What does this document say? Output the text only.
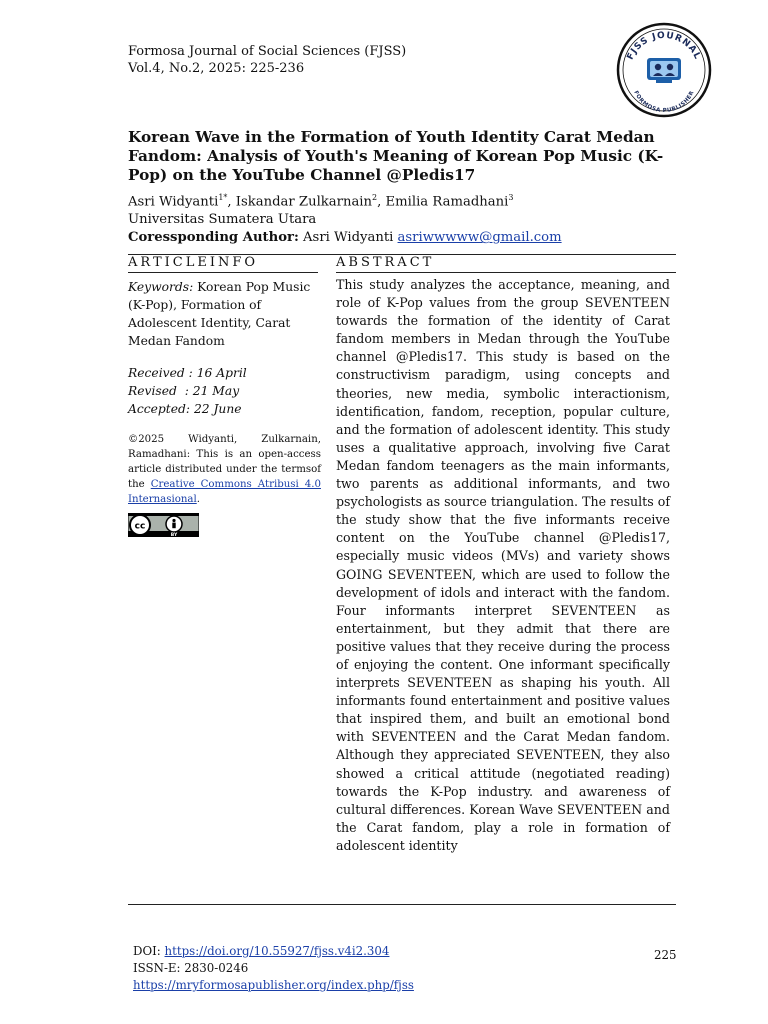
Formosa Journal of Social Sciences (FJSS)
Vol.4, No.2, 2025: 225-236
FJSS JOURNAL
FORMOSA PUBLISHER
Korean Wave in the Formation of Youth Identity Carat Medan Fandom: Analysis of Youth's Meaning of Korean Pop Music (K-Pop) on the YouTube Channel @Pledis17
Asri Widyanti$^{1*}$, Iskandar Zulkarnain$^2$, Emilia Ramadhani$^3$
Universitas Sumatera Utara
Coressponding Author: Asri Widyanti asriwwwww@gmail.com
ARTICLEINFO	ABSTRACT
Keywords: Korean Pop Music (K-Pop), Formation of Adolescent Identity, Carat Medan Fandom
Received : 16 April
Revised  : 21 May
Accepted: 22 June
©2025 Widyanti, Zulkarnain, Ramadhani: This is an open-access article distributed under the termsof the Creative Commons Atribusi 4.0 Internasional.
cc
BY

This study analyzes the acceptance, meaning, and role of K-Pop values from the group SEVENTEEN towards the formation of the identity of Carat fandom members in Medan through the YouTube channel @Pledis17. This study is based on the constructivism paradigm, using concepts and theories, new media, symbolic interactionism, identification, fandom, reception, popular culture, and the formation of adolescent identity. This study uses a qualitative approach, involving five Carat Medan fandom teenagers as the main informants, two parents as additional informants, and two psychologists as source triangulation. The results of the study show that the five informants receive content on the YouTube channel @Pledis17, especially music videos (MVs) and variety shows GOING SEVENTEEN, which are used to follow the development of idols and interact with the fandom. Four informants interpret SEVENTEEN as entertainment, but they admit that there are positive values that they receive during the process of enjoying the content. One informant specifically interprets SEVENTEEN as shaping his youth. All informants found entertainment and positive values that inspired them, and built an emotional bond with SEVENTEEN and the Carat Medan fandom. Although they appreciated SEVENTEEN, they also showed a critical attitude (negotiated reading) towards the K-Pop industry. and awareness of cultural differences. Korean Wave SEVENTEEN and the Carat fandom, play a role in formation of adolescent identity

DOI: https://doi.org/10.55927/fjss.v4i2.304
ISSN-E: 2830-0246
https://mryformosapublisher.org/index.php/fjss
225
